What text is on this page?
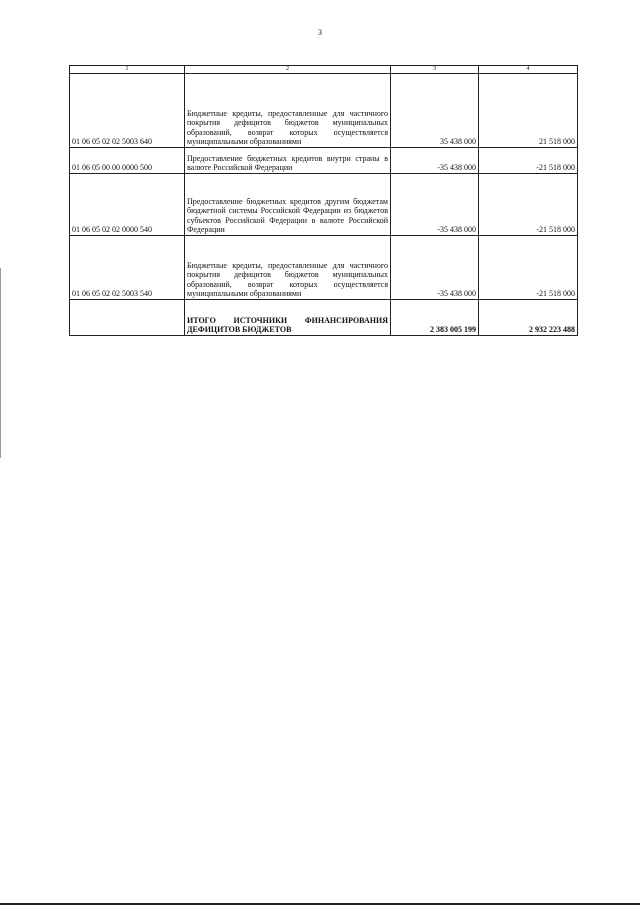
3
1	2	3	4
01 06 05 02 02 5003 640	Бюджетные кредиты, предоставленные для частичного покрытия дефицитов бюджетов муниципальных образований, возврат которых осуществляется муниципальными образованиями	35 438 000	21 518 000
01 06 05 00 00 0000 500	Предоставление бюджетных кредитов внутри страны в валюте Российской Федерации	-35 438 000	-21 518 000
01 06 05 02 02 0000 540	Предоставление бюджетных кредитов другим бюджетам бюджетной системы Российской Федерации из бюджетов субъектов Российской Федерации в валюте Российской Федерации	-35 438 000	-21 518 000
01 06 05 02 02 5003 540	Бюджетные кредиты, предоставленные для частичного покрытия дефицитов бюджетов муниципальных образований, возврат которых осуществляется муниципальными образованиями	-35 438 000	-21 518 000
	ИТОГО ИСТОЧНИКИ ФИНАНСИРОВАНИЯ ДЕФИЦИТОВ БЮДЖЕТОВ	2 383 005 199	2 932 223 488
